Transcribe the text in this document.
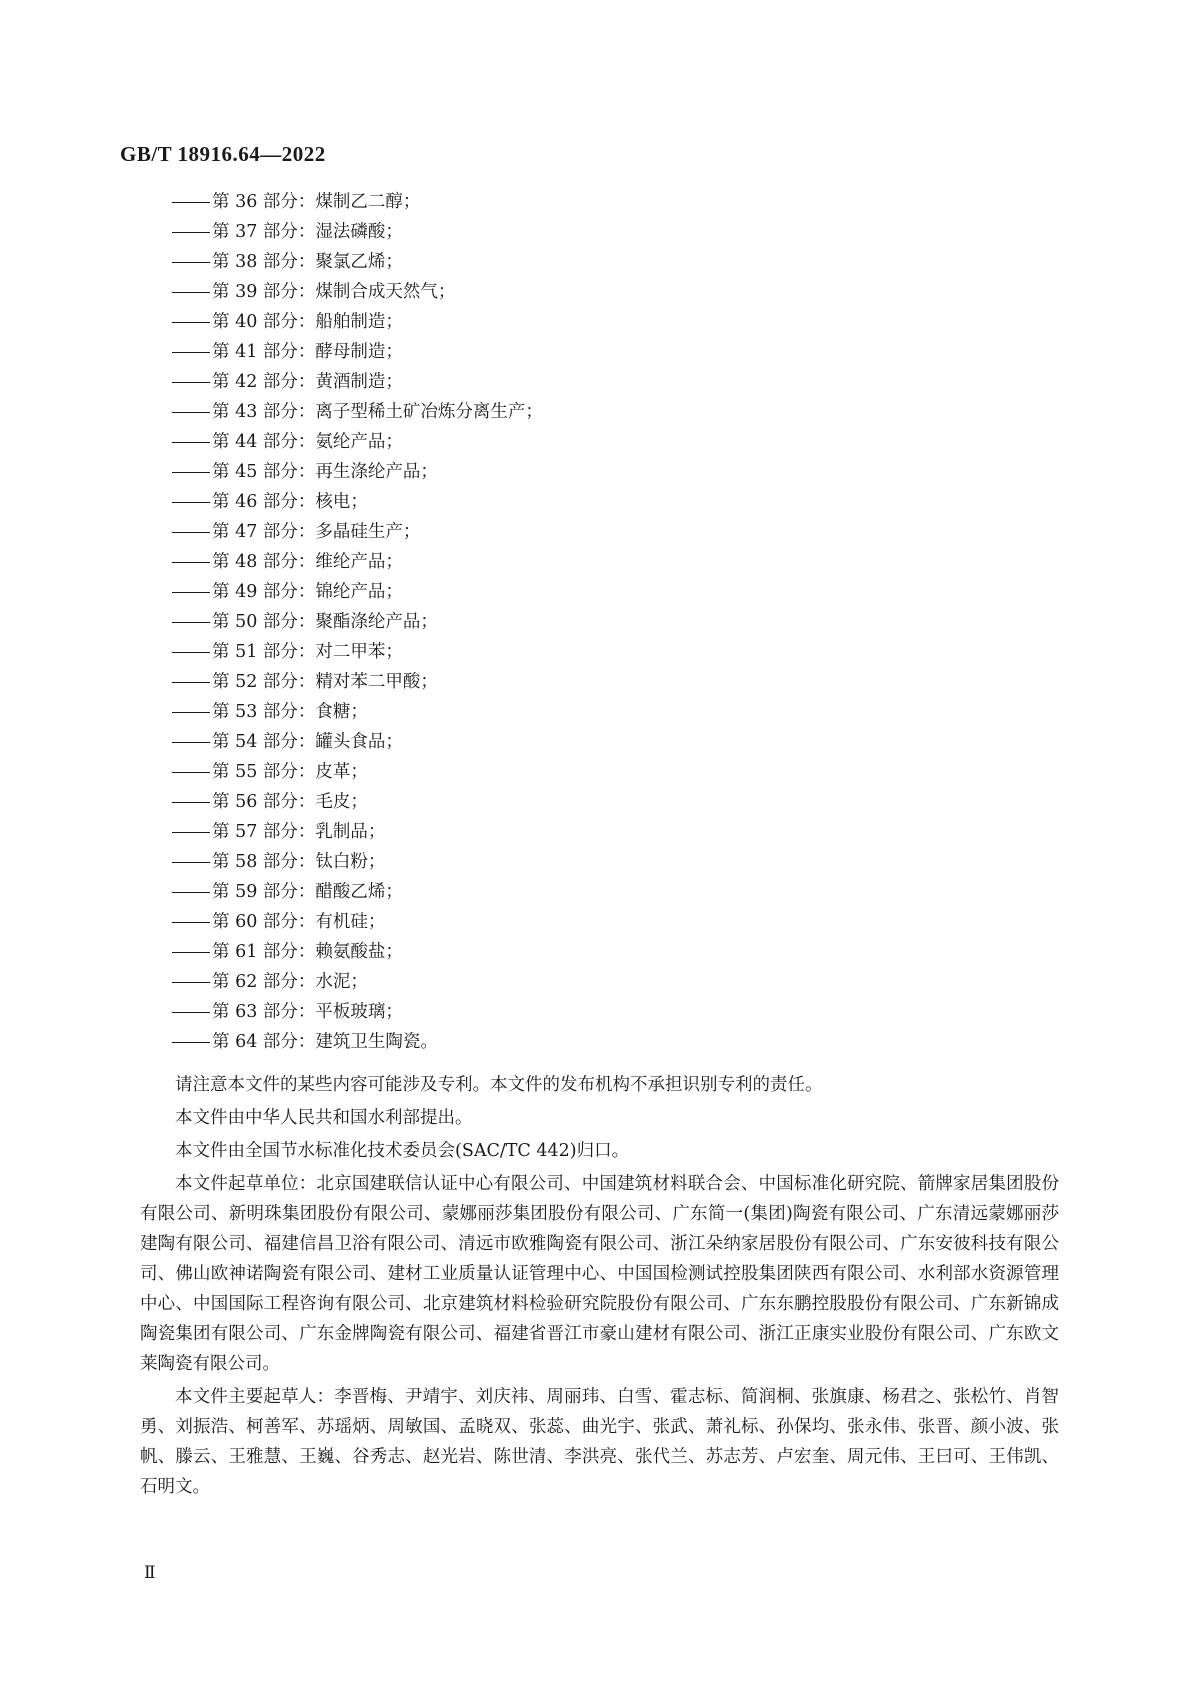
GB/T 18916.64—2022

第 36 部分：煤制乙二醇；
第 37 部分：湿法磷酸；
第 38 部分：聚氯乙烯；
第 39 部分：煤制合成天然气；
第 40 部分：船舶制造；
第 41 部分：酵母制造；
第 42 部分：黄酒制造；
第 43 部分：离子型稀土矿冶炼分离生产；
第 44 部分：氨纶产品；
第 45 部分：再生涤纶产品；
第 46 部分：核电；
第 47 部分：多晶硅生产；
第 48 部分：维纶产品；
第 49 部分：锦纶产品；
第 50 部分：聚酯涤纶产品；
第 51 部分：对二甲苯；
第 52 部分：精对苯二甲酸；
第 53 部分：食糖；
第 54 部分：罐头食品；
第 55 部分：皮革；
第 56 部分：毛皮；
第 57 部分：乳制品；
第 58 部分：钛白粉；
第 59 部分：醋酸乙烯；
第 60 部分：有机硅；
第 61 部分：赖氨酸盐；
第 62 部分：水泥；
第 63 部分：平板玻璃；
第 64 部分：建筑卫生陶瓷。

请注意本文件的某些内容可能涉及专利。本文件的发布机构不承担识别专利的责任。

本文件由中华人民共和国水利部提出。

本文件由全国节水标准化技术委员会(SAC/TC 442)归口。

本文件起草单位：北京国建联信认证中心有限公司、中国建筑材料联合会、中国标准化研究院、箭牌家居集团股份有限公司、新明珠集团股份有限公司、蒙娜丽莎集团股份有限公司、广东简一(集团)陶瓷有限公司、广东清远蒙娜丽莎建陶有限公司、福建信昌卫浴有限公司、清远市欧雅陶瓷有限公司、浙江朵纳家居股份有限公司、广东安彼科技有限公司、佛山欧神诺陶瓷有限公司、建材工业质量认证管理中心、中国国检测试控股集团陕西有限公司、水利部水资源管理中心、中国国际工程咨询有限公司、北京建筑材料检验研究院股份有限公司、广东东鹏控股股份有限公司、广东新锦成陶瓷集团有限公司、广东金牌陶瓷有限公司、福建省晋江市豪山建材有限公司、浙江正康实业股份有限公司、广东欧文莱陶瓷有限公司。

本文件主要起草人：李晋梅、尹靖宇、刘庆祎、周丽玮、白雪、霍志标、简润桐、张旗康、杨君之、张松竹、肖智勇、刘振浩、柯善军、苏瑶炳、周敏国、孟晓双、张蕊、曲光宇、张武、萧礼标、孙保均、张永伟、张晋、颜小波、张帆、滕云、王雅慧、王巍、谷秀志、赵光岩、陈世清、李洪亮、张代兰、苏志芳、卢宏奎、周元伟、王曰可、王伟凯、石明文。

Ⅱ
